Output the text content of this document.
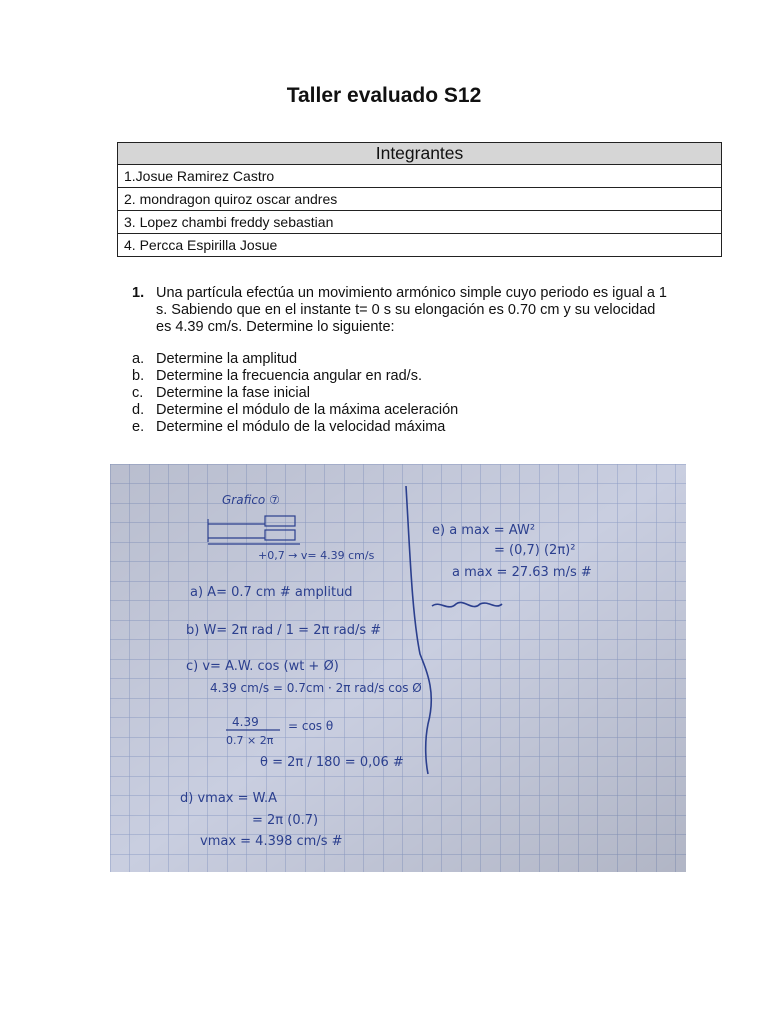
Taller evaluado S12
Integrantes
1.Josue Ramirez Castro
2. mondragon quiroz oscar andres
3. Lopez chambi freddy sebastian
4. Percca Espirilla Josue
1. Una partícula efectúa un movimiento armónico simple cuyo periodo es igual a 1 s. Sabiendo que en el instante t= 0 s su elongación es 0.70 cm y su velocidad es 4.39 cm/s. Determine lo siguiente:
a. Determine la amplitud
b. Determine la frecuencia angular en rad/s.
c. Determine la fase inicial
d. Determine el módulo de la máxima aceleración
e. Determine el módulo de la velocidad máxima
Grafico ⑦
+0,7 → v= 4.39 cm/s
a) A= 0.7 cm # amplitud
b) W= 2π rad / 1 = 2π rad/s #
c) v= A.W. cos (wt + Ø)
4.39 cm/s = 0.7cm · 2π rad/s cos Ø
4.39
0.7 × 2π
= cos θ
θ = 2π / 180 = 0,06 #
d) vmax = W.A
= 2π (0.7)
vmax = 4.398 cm/s #
e) a max = AW²
= (0,7) (2π)²
a max = 27.63 m/s #
